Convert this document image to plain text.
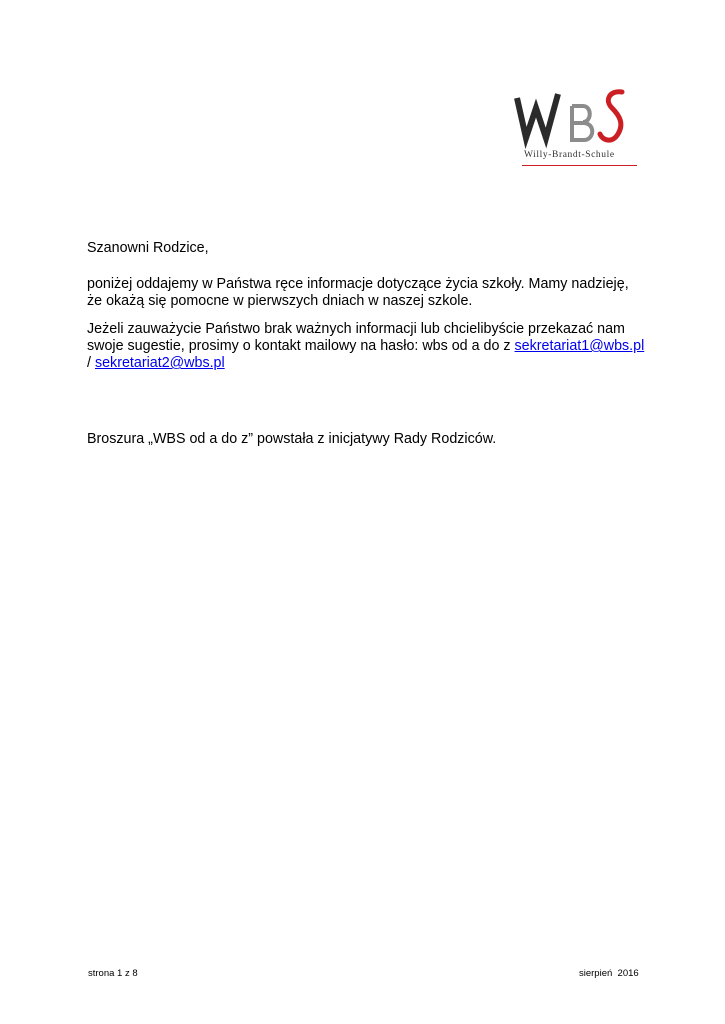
Willy-Brandt-Schule
Szanowni Rodzice,
poniżej oddajemy w Państwa ręce informacje dotyczące życia szkoły. Mamy nadzieję, że okażą się pomocne w pierwszych dniach w naszej szkole.
Jeżeli zauważycie Państwo brak ważnych informacji lub chcielibyście przekazać nam swoje sugestie, prosimy o kontakt mailowy na hasło: wbs od a do z sekretariat1@wbs.pl / sekretariat2@wbs.pl
Broszura „WBS od a do z” powstała z inicjatywy Rady Rodziców.
strona 1 z 8	sierpień  2016
